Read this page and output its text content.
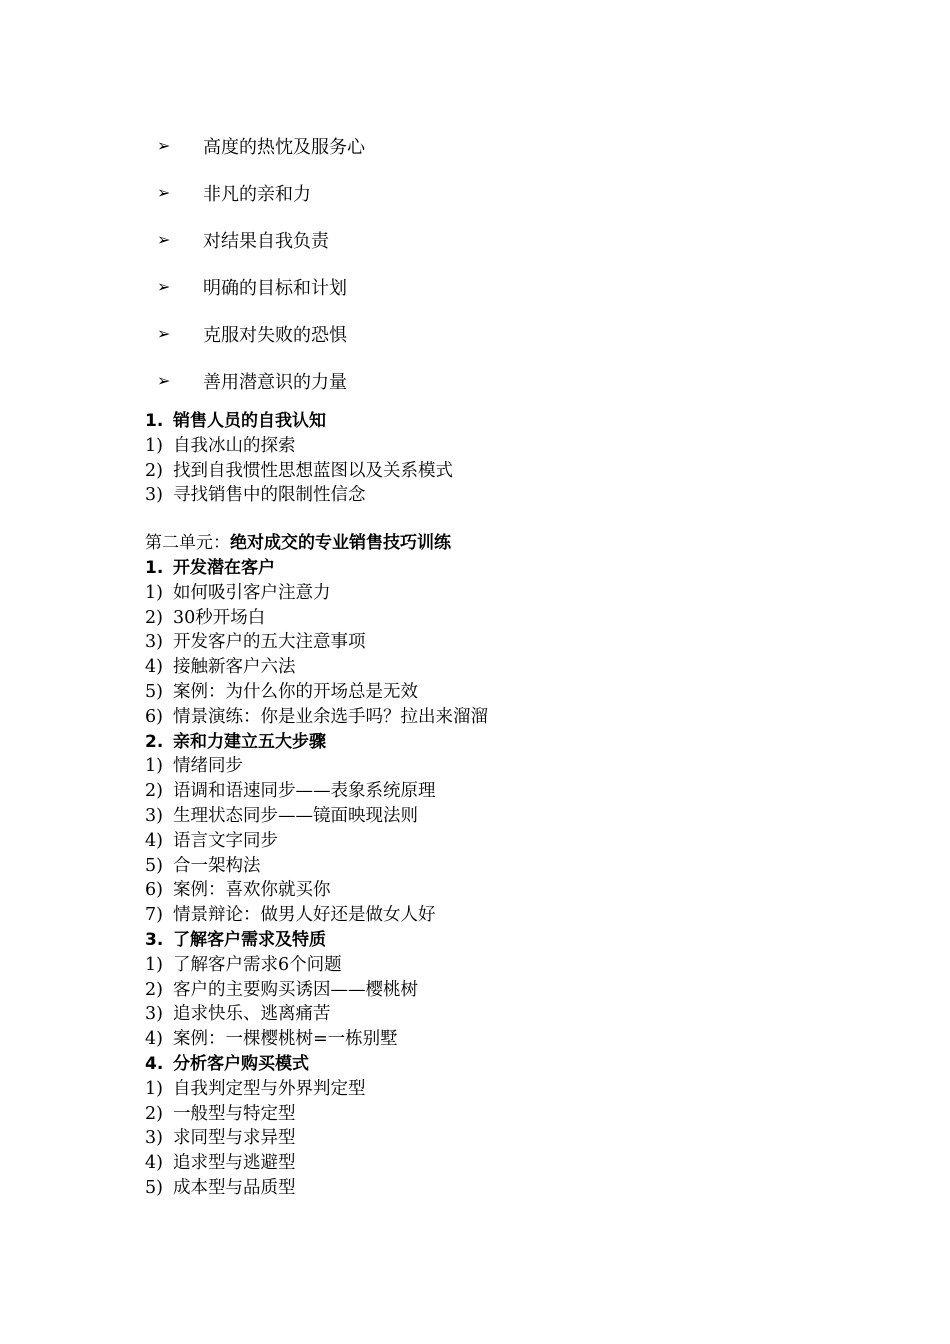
➢	高度的热忱及服务心
➢	非凡的亲和力
➢	对结果自我负责
➢	明确的目标和计划
➢	克服对失败的恐惧
➢	善用潜意识的力量
1. 销售人员的自我认知
1) 自我冰山的探索
2) 找到自我惯性思想蓝图以及关系模式
3) 寻找销售中的限制性信念
第二单元：绝对成交的专业销售技巧训练
1. 开发潜在客户
1) 如何吸引客户注意力
2) 30秒开场白
3) 开发客户的五大注意事项
4) 接触新客户六法
5) 案例：为什么你的开场总是无效
6) 情景演练：你是业余选手吗？拉出来溜溜
2. 亲和力建立五大步骤
1) 情绪同步
2) 语调和语速同步——表象系统原理
3) 生理状态同步——镜面映现法则
4) 语言文字同步
5) 合一架构法
6) 案例：喜欢你就买你
7) 情景辩论：做男人好还是做女人好
3. 了解客户需求及特质
1) 了解客户需求6个问题
2) 客户的主要购买诱因——樱桃树
3) 追求快乐、逃离痛苦
4) 案例：一棵樱桃树=一栋别墅
4. 分析客户购买模式
1) 自我判定型与外界判定型
2) 一般型与特定型
3) 求同型与求异型
4) 追求型与逃避型
5) 成本型与品质型
